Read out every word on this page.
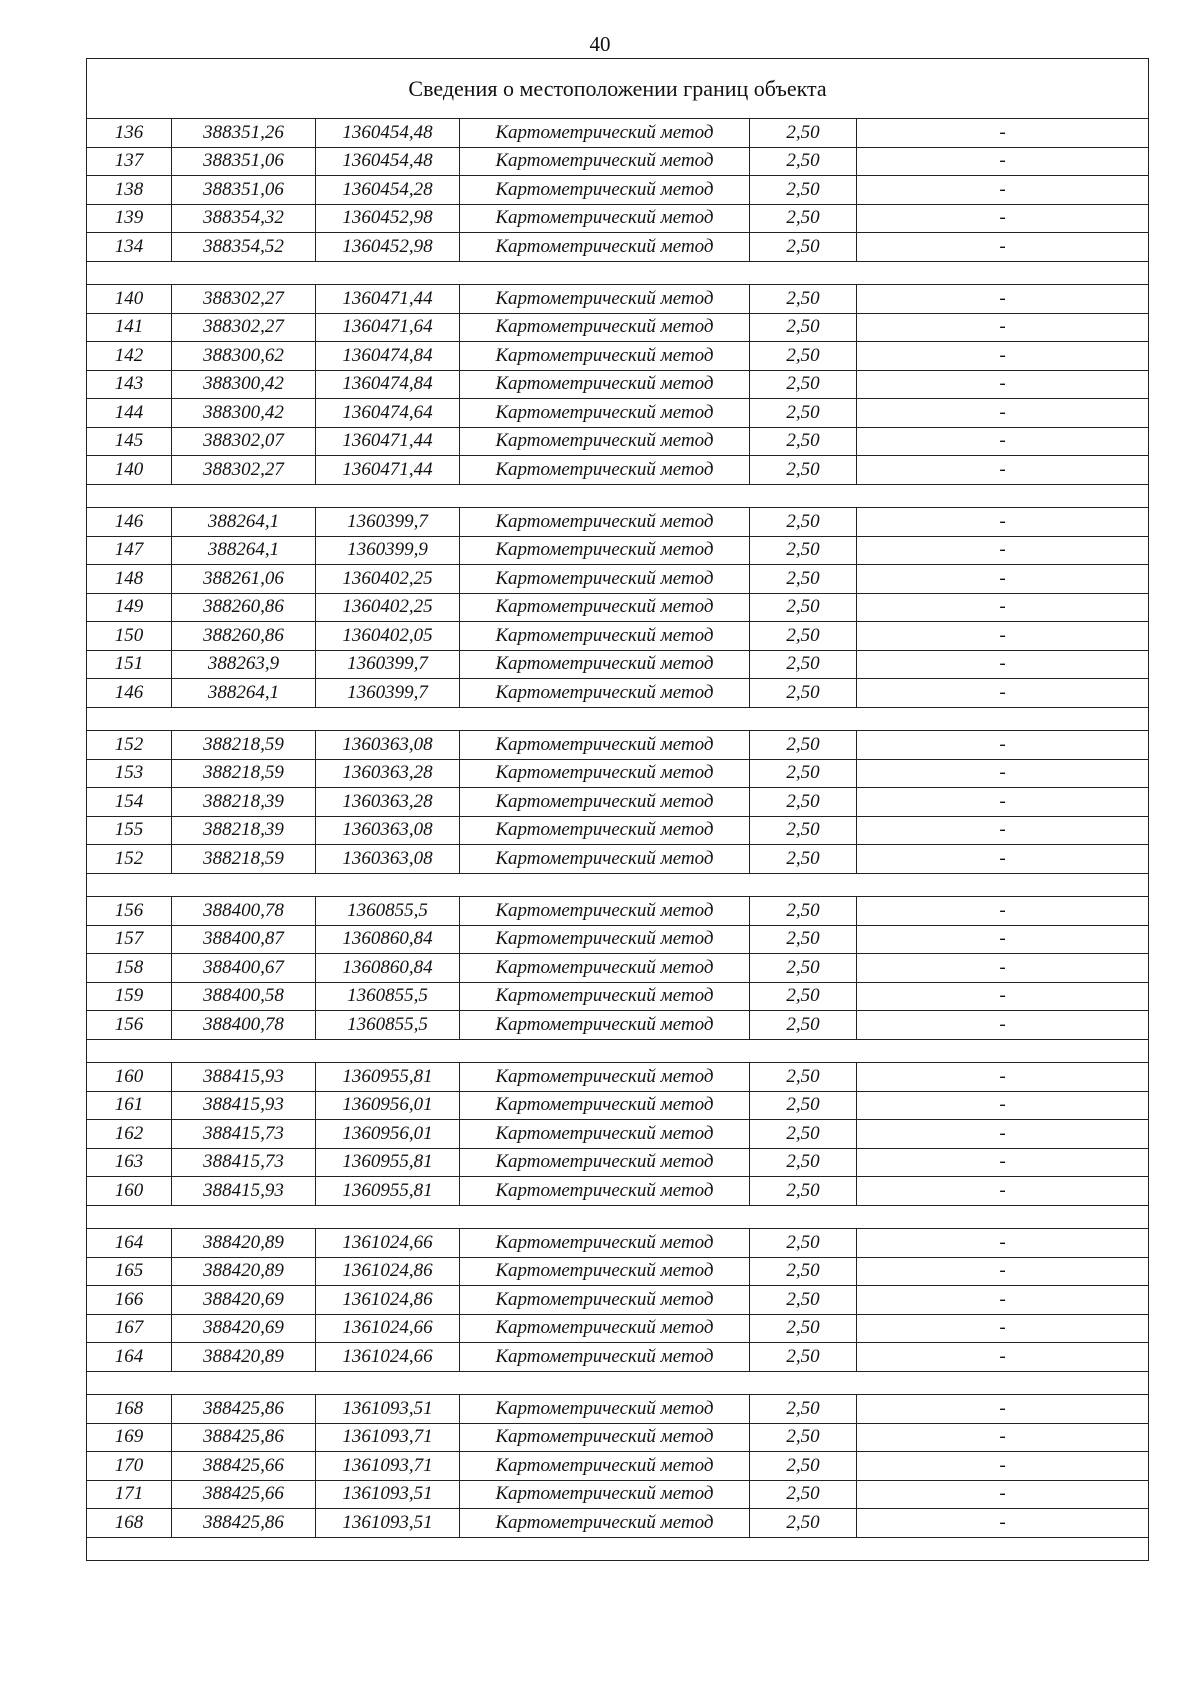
40
Сведения о местоположении границ объекта					
136	388351,26	1360454,48	Картометрический метод	2,50	-
137	388351,06	1360454,48	Картометрический метод	2,50	-
138	388351,06	1360454,28	Картометрический метод	2,50	-
139	388354,32	1360452,98	Картометрический метод	2,50	-
134	388354,52	1360452,98	Картометрический метод	2,50	-

140	388302,27	1360471,44	Картометрический метод	2,50	-
141	388302,27	1360471,64	Картометрический метод	2,50	-
142	388300,62	1360474,84	Картометрический метод	2,50	-
143	388300,42	1360474,84	Картометрический метод	2,50	-
144	388300,42	1360474,64	Картометрический метод	2,50	-
145	388302,07	1360471,44	Картометрический метод	2,50	-
140	388302,27	1360471,44	Картометрический метод	2,50	-

146	388264,1	1360399,7	Картометрический метод	2,50	-
147	388264,1	1360399,9	Картометрический метод	2,50	-
148	388261,06	1360402,25	Картометрический метод	2,50	-
149	388260,86	1360402,25	Картометрический метод	2,50	-
150	388260,86	1360402,05	Картометрический метод	2,50	-
151	388263,9	1360399,7	Картометрический метод	2,50	-
146	388264,1	1360399,7	Картометрический метод	2,50	-

152	388218,59	1360363,08	Картометрический метод	2,50	-
153	388218,59	1360363,28	Картометрический метод	2,50	-
154	388218,39	1360363,28	Картометрический метод	2,50	-
155	388218,39	1360363,08	Картометрический метод	2,50	-
152	388218,59	1360363,08	Картометрический метод	2,50	-

156	388400,78	1360855,5	Картометрический метод	2,50	-
157	388400,87	1360860,84	Картометрический метод	2,50	-
158	388400,67	1360860,84	Картометрический метод	2,50	-
159	388400,58	1360855,5	Картометрический метод	2,50	-
156	388400,78	1360855,5	Картометрический метод	2,50	-

160	388415,93	1360955,81	Картометрический метод	2,50	-
161	388415,93	1360956,01	Картометрический метод	2,50	-
162	388415,73	1360956,01	Картометрический метод	2,50	-
163	388415,73	1360955,81	Картометрический метод	2,50	-
160	388415,93	1360955,81	Картометрический метод	2,50	-

164	388420,89	1361024,66	Картометрический метод	2,50	-
165	388420,89	1361024,86	Картометрический метод	2,50	-
166	388420,69	1361024,86	Картометрический метод	2,50	-
167	388420,69	1361024,66	Картометрический метод	2,50	-
164	388420,89	1361024,66	Картометрический метод	2,50	-

168	388425,86	1361093,51	Картометрический метод	2,50	-
169	388425,86	1361093,71	Картометрический метод	2,50	-
170	388425,66	1361093,71	Картометрический метод	2,50	-
171	388425,66	1361093,51	Картометрический метод	2,50	-
168	388425,86	1361093,51	Картометрический метод	2,50	-
